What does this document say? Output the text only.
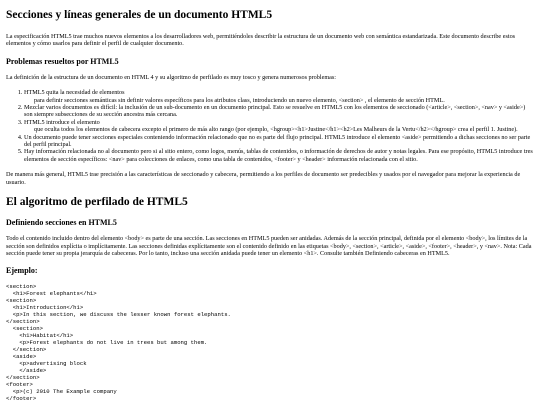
Secciones y líneas generales de un documento HTML5

La especificación HTML5 trae muchos nuevos elementos a los desarrolladores web, permitiéndoles describir la estructura de un documento web con semántica estandarizada. Este documento describe estos elementos y cómo usarlos para definir el perfil de cualquier documento.

Problemas resueltos por HTML5

La definición de la estructura de un documento en HTML 4 y su algoritmo de perfilado es muy tosco y genera numerosos problemas:

1. HTML5 quita la necesidad de elementos
para definir secciones semánticas sin definir valores específicos para los atributos class, introduciendo un nuevo elemento, <section> , el elemento de sección HTML.
2. Mezclar varios documentos es difícil: la inclusión de un sub-documento en un documento principal. Esto se resuelve en HTML5 con los elementos de seccionado (<article>, <section>, <nav> y <aside>) son siempre subsecciones de su sección ancestra más cercana.
3. HTML5 introduce el elemento
que oculta todos los elementos de cabecera excepto el primero de más alto rango (por ejemplo, <hgroup><h1>Justine</h1><h2>Les Malheurs de la Vertu</h2></hgroup> crea el perfil 1. Justine).
4. Un documento puede tener secciones especiales conteniendo información relacionado que no es parte del flujo principal. HTML5 introduce el elemento <aside> permitiendo a dichas secciones no ser parte del perfil principal.
5. Hay información relacionada no al documento pero si al sitio entero, como logos, menús, tablas de contenidos, o información de derechos de autor y notas legales. Para ese propósito, HTML5 introduce tres elementos de sección específicos: <nav> para colecciones de enlaces, como una tabla de contenidos, <footer> y <header> información relacionada con el sitio.

De manera más general, HTML5 trae precisión a las características de seccionado y cabecera, permitiendo a los perfiles de documento ser predecibles y usados por el navegador para mejorar la experiencia de usuario.

El algoritmo de perfilado de HTML5
Definiendo secciones en HTML5

Todo el contenido incluido dentro del elemento <body> es parte de una sección. Las secciones en HTML5 pueden ser anidadas. Además de la sección principal, definida por el elemento <body>, los límites de la sección son definidos explícita o implícitamente. Las secciones definidas explícitamente son el contenido definido en las etiquetas <body>, <section>, <article>, <aside>, <footer>, <header>, y <nav>. Nota: Cada sección puede tener su propia jerarquía de cabeceras. Por lo tanto, incluso una sección anidada puede tener un elemento <h1>. Consulte también Definiendo cabeceras en HTML5.

Ejemplo:
<section>
<h1>Forest elephants</h1>
<section>
<h1>Introduction</h1>
<p>In this section, we discuss the lesser known forest elephants.
</section>
<section>
<h1>Habitat</h1>
<p>Forest elephants do not live in trees but among them.
</section>
<aside>
<p>advertising block
</aside>
</section>
<footer>
<p>(c) 2010 The Example company
</footer>
